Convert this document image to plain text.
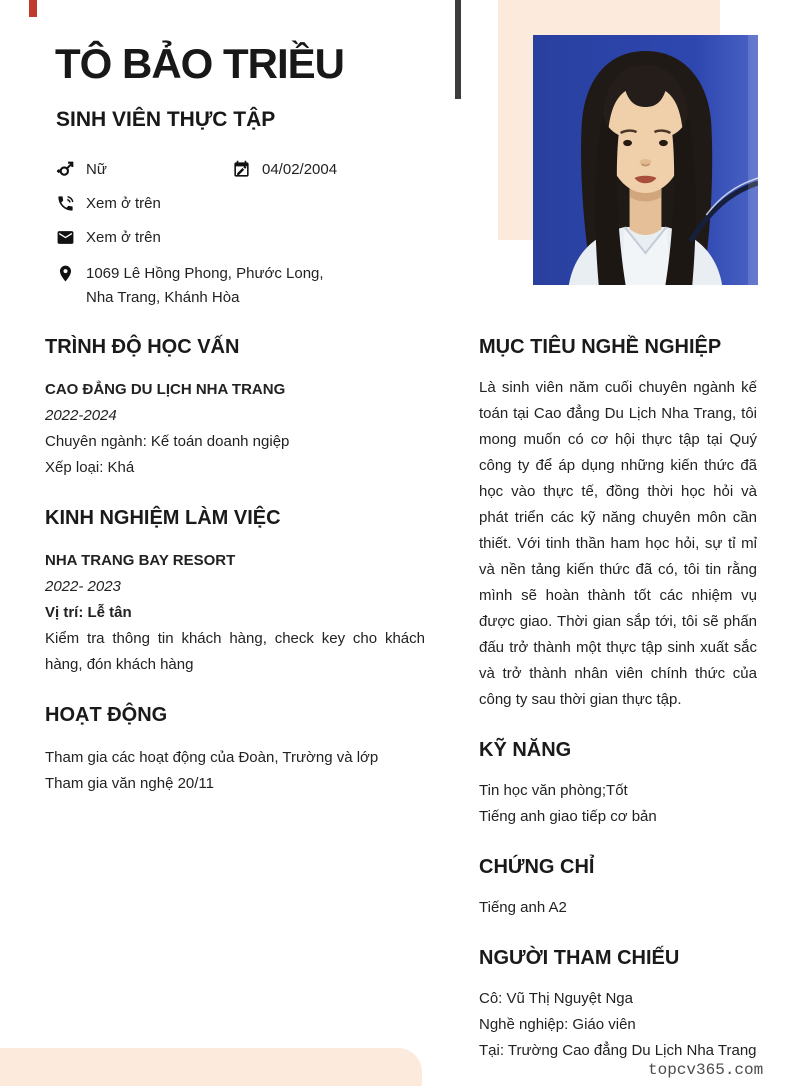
TÔ BẢO TRIỀU
SINH VIÊN THỰC TẬP
Nữ	04/02/2004
Xem ở trên
Xem ở trên
1069 Lê Hồng Phong, Phước Long, Nha Trang, Khánh Hòa
TRÌNH ĐỘ HỌC VẤN
CAO ĐẲNG DU LỊCH NHA TRANG
2022-2024
Chuyên ngành: Kế toán doanh ngiệp
Xếp loại: Khá
KINH NGHIỆM LÀM VIỆC
NHA TRANG BAY RESORT
2022- 2023
Vị trí: Lễ tân
Kiểm tra thông tin khách hàng, check key cho khách hàng, đón khách hàng
HOẠT ĐỘNG
Tham gia các hoạt động của Đoàn, Trường và lớp
Tham gia văn nghệ 20/11
MỤC TIÊU NGHỀ NGHIỆP

Là sinh viên năm cuối chuyên ngành kế toán tại Cao đẳng Du Lịch Nha Trang, tôi mong muốn có cơ hội thực tập tại Quý công ty để áp dụng những kiến thức đã học vào thực tế, đồng thời học hỏi và phát triển các kỹ năng chuyên môn cần thiết. Với tinh thần ham học hỏi, sự tỉ mỉ và nền tảng kiến thức đã có, tôi tin rằng mình sẽ hoàn thành tốt các nhiệm vụ được giao. Thời gian sắp tới, tôi sẽ phấn đấu trở thành một thực tập sinh xuất sắc và trở thành nhân viên chính thức của công ty sau thời gian thực tập.

KỸ NĂNG
Tin học văn phòng;Tốt
Tiếng anh giao tiếp cơ bản
CHỨNG CHỈ
Tiếng anh A2
NGƯỜI THAM CHIẾU
Cô: Vũ Thị Nguyệt Nga
Nghề nghiệp: Giáo viên
Tại: Trường Cao đẳng Du Lịch Nha Trang
topcv365.com
